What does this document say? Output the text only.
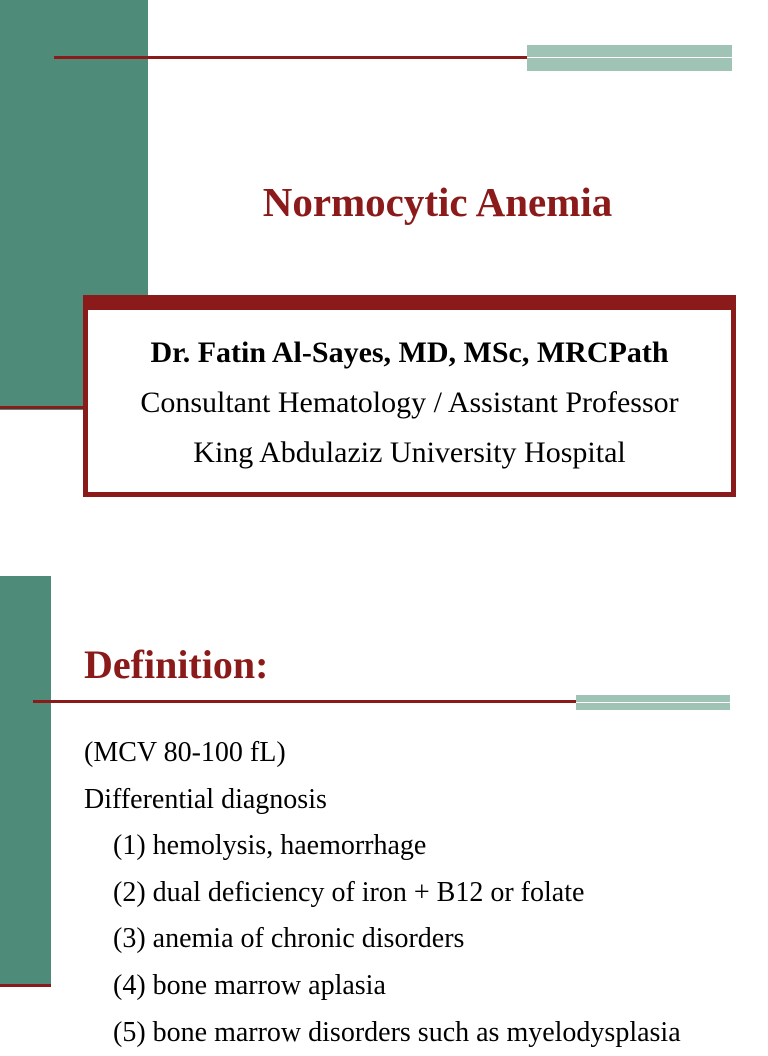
Normocytic Anemia
Dr. Fatin Al-Sayes, MD, MSc, MRCPath
Consultant Hematology / Assistant Professor
King Abdulaziz University Hospital
Definition:
(MCV 80-100 fL)
Differential diagnosis
(1) hemolysis, haemorrhage
(2) dual deficiency of iron + B12 or folate
(3) anemia of chronic disorders
(4) bone marrow aplasia
(5) bone marrow disorders such as myelodysplasia
